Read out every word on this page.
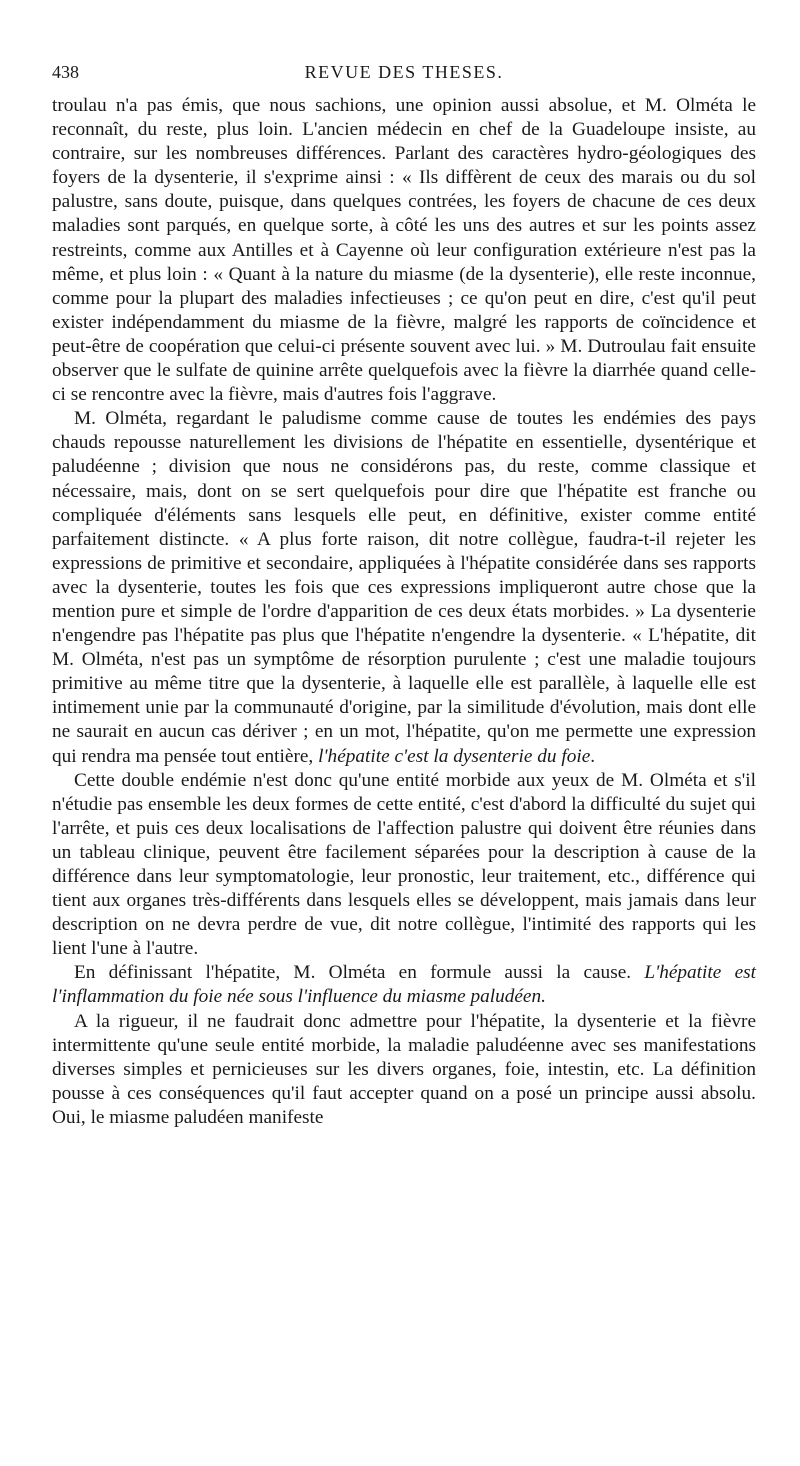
438	REVUE DES THESES.

troulau n'a pas émis, que nous sachions, une opinion aussi absolue, et M. Olméta le reconnaît, du reste, plus loin. L'ancien médecin en chef de la Guadeloupe insiste, au contraire, sur les nombreuses différences. Parlant des caractères hydro-géologiques des foyers de la dysenterie, il s'exprime ainsi : « Ils diffèrent de ceux des marais ou du sol palustre, sans doute, puisque, dans quelques contrées, les foyers de chacune de ces deux maladies sont parqués, en quelque sorte, à côté les uns des autres et sur les points assez restreints, comme aux Antilles et à Cayenne où leur configuration extérieure n'est pas la même, et plus loin : « Quant à la nature du miasme (de la dysenterie), elle reste inconnue, comme pour la plupart des maladies infectieuses ; ce qu'on peut en dire, c'est qu'il peut exister indépendamment du miasme de la fièvre, malgré les rapports de coïncidence et peut-être de coopération que celui-ci présente souvent avec lui. » M. Dutroulau fait ensuite observer que le sulfate de quinine arrête quelquefois avec la fièvre la diarrhée quand celle-ci se rencontre avec la fièvre, mais d'autres fois l'aggrave.

M. Olméta, regardant le paludisme comme cause de toutes les endémies des pays chauds repousse naturellement les divisions de l'hépatite en essentielle, dysentérique et paludéenne ; division que nous ne considérons pas, du reste, comme classique et nécessaire, mais, dont on se sert quelquefois pour dire que l'hépatite est franche ou compliquée d'éléments sans lesquels elle peut, en définitive, exister comme entité parfaitement distincte. « A plus forte raison, dit notre collègue, faudra-t-il rejeter les expressions de primitive et secondaire, appliquées à l'hépatite considérée dans ses rapports avec la dysenterie, toutes les fois que ces expressions impliqueront autre chose que la mention pure et simple de l'ordre d'apparition de ces deux états morbides. » La dysenterie n'engendre pas l'hépatite pas plus que l'hépatite n'engendre la dysenterie. « L'hépatite, dit M. Olméta, n'est pas un symptôme de résorption purulente ; c'est une maladie toujours primitive au même titre que la dysenterie, à laquelle elle est parallèle, à laquelle elle est intimement unie par la communauté d'origine, par la similitude d'évolution, mais dont elle ne saurait en aucun cas dériver ; en un mot, l'hépatite, qu'on me permette une expression qui rendra ma pensée tout entière, l'hépatite c'est la dysenterie du foie.

Cette double endémie n'est donc qu'une entité morbide aux yeux de M. Olméta et s'il n'étudie pas ensemble les deux formes de cette entité, c'est d'abord la difficulté du sujet qui l'arrête, et puis ces deux localisations de l'affection palustre qui doivent être réunies dans un tableau clinique, peuvent être facilement séparées pour la description à cause de la différence dans leur symptomatologie, leur pronostic, leur traitement, etc., différence qui tient aux organes très-différents dans lesquels elles se développent, mais jamais dans leur description on ne devra perdre de vue, dit notre collègue, l'intimité des rapports qui les lient l'une à l'autre.

En définissant l'hépatite, M. Olméta en formule aussi la cause. L'hépatite est l'inflammation du foie née sous l'influence du miasme paludéen.

A la rigueur, il ne faudrait donc admettre pour l'hépatite, la dysenterie et la fièvre intermittente qu'une seule entité morbide, la maladie paludéenne avec ses manifestations diverses simples et pernicieuses sur les divers organes, foie, intestin, etc. La définition pousse à ces conséquences qu'il faut accepter quand on a posé un principe aussi absolu. Oui, le miasme paludéen manifeste
